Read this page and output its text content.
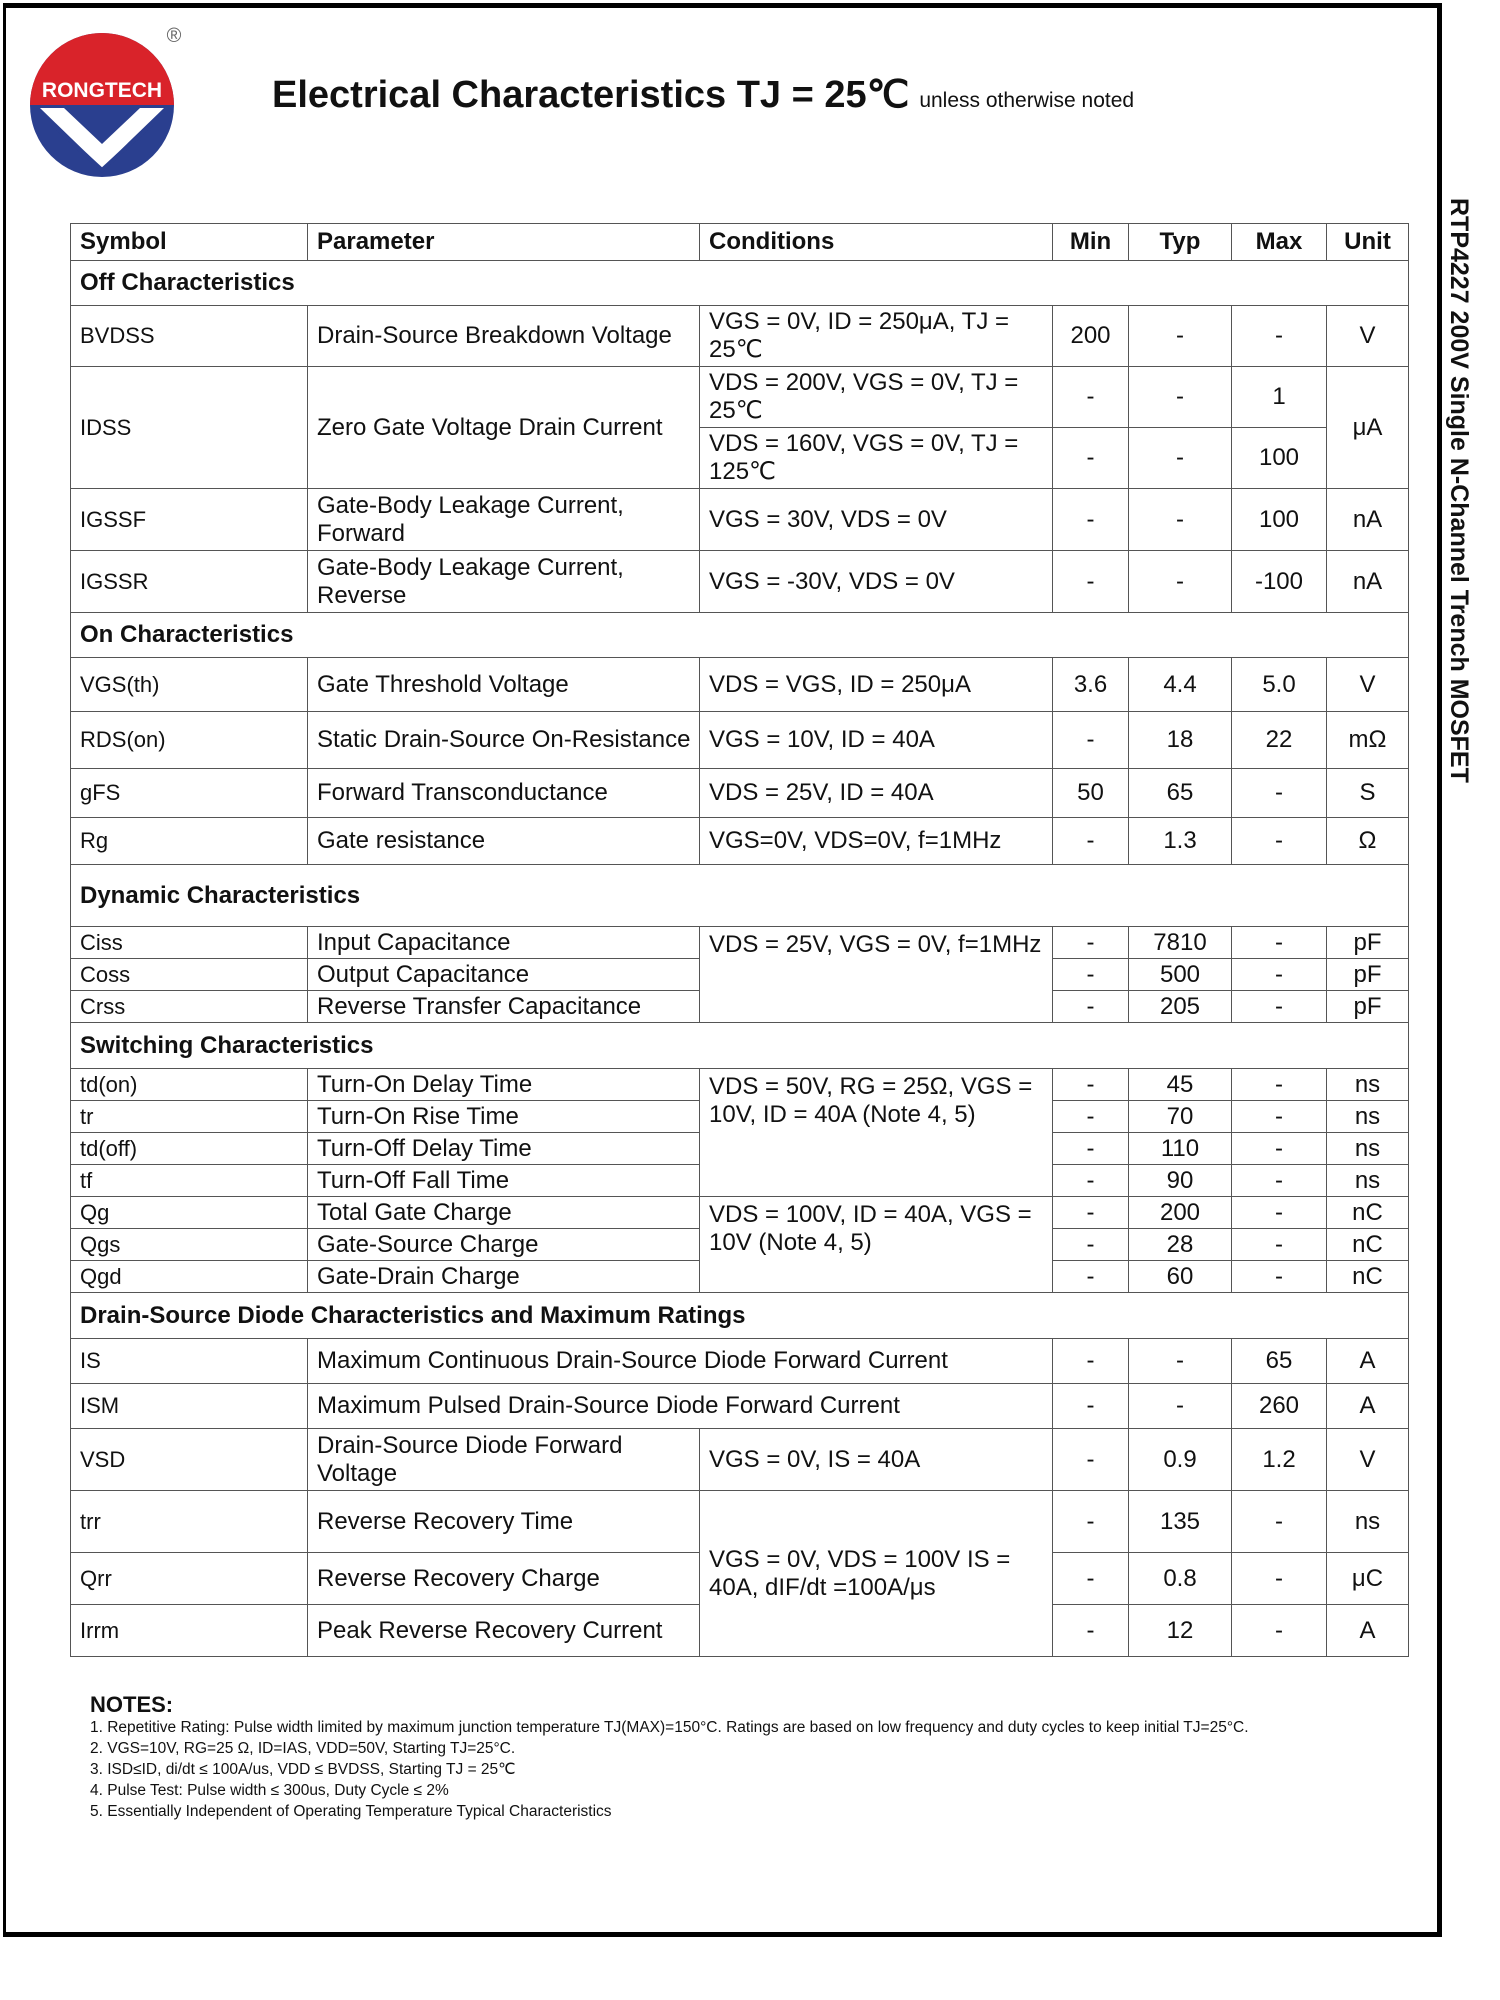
RONGTECH
®
Electrical Characteristics TJ = 25℃ unless otherwise noted
RTP4227 200V Single N-Channel Trench MOSFET
Symbol	Parameter	Conditions	Min	Typ	Max	Unit
Off Characteristics						
BVDSS	Drain-Source Breakdown Voltage	VGS = 0V, ID = 250μA, TJ = 25℃	200	-	-	V
IDSS	Zero Gate Voltage Drain Current	VDS = 200V, VGS = 0V, TJ = 25℃	-	-	1	μA
		VDS = 160V, VGS = 0V, TJ = 125℃	-	-	100	
IGSSF	Gate-Body Leakage Current, Forward	VGS = 30V, VDS = 0V	-	-	100	nA
IGSSR	Gate-Body Leakage Current, Reverse	VGS = -30V, VDS = 0V	-	-	-100	nA
On Characteristics						
VGS(th)	Gate Threshold Voltage	VDS = VGS, ID = 250μA	3.6	4.4	5.0	V
RDS(on)	Static Drain-Source On-Resistance	VGS = 10V, ID = 40A	-	18	22	mΩ
gFS	Forward Transconductance	VDS = 25V, ID = 40A	50	65	-	S
Rg	Gate resistance	VGS=0V, VDS=0V, f=1MHz	-	1.3	-	Ω
Dynamic Characteristics						
Ciss	Input Capacitance	VDS = 25V, VGS = 0V, f=1MHz	-	7810	-	pF
Coss	Output Capacitance		-	500	-	pF
Crss	Reverse Transfer Capacitance		-	205	-	pF
Switching Characteristics						
td(on)	Turn-On Delay Time	VDS = 50V, RG = 25Ω, VGS = 10V, ID = 40A (Note 4, 5)	-	45	-	ns
tr	Turn-On Rise Time		-	70	-	ns
td(off)	Turn-Off Delay Time		-	110	-	ns
tf	Turn-Off Fall Time		-	90	-	ns
Qg	Total Gate Charge	VDS = 100V, ID = 40A, VGS = 10V (Note 4, 5)	-	200	-	nC
Qgs	Gate-Source Charge		-	28	-	nC
Qgd	Gate-Drain Charge		-	60	-	nC
Drain-Source Diode Characteristics and Maximum Ratings						
IS	Maximum Continuous Drain-Source Diode Forward Current		-	-	65	A
ISM	Maximum Pulsed Drain-Source Diode Forward Current		-	-	260	A
VSD	Drain-Source Diode Forward Voltage	VGS = 0V, IS = 40A	-	0.9	1.2	V
trr	Reverse Recovery Time	VGS = 0V, VDS = 100V IS = 40A, dIF/dt =100A/μs	-	135	-	ns
Qrr	Reverse Recovery Charge		-	0.8	-	μC
Irrm	Peak Reverse Recovery Current		-	12	-	A
NOTES:
1. Repetitive Rating: Pulse width limited by maximum junction temperature TJ(MAX)=150°C. Ratings are based on low frequency and duty cycles to keep initial TJ=25°C.
2. VGS=10V, RG=25 Ω, ID=IAS, VDD=50V, Starting TJ=25°C.
3. ISD≤ID, di/dt ≤ 100A/us, VDD ≤ BVDSS, Starting TJ = 25℃
4. Pulse Test: Pulse width ≤ 300us, Duty Cycle ≤ 2%
5. Essentially Independent of Operating Temperature Typical Characteristics
